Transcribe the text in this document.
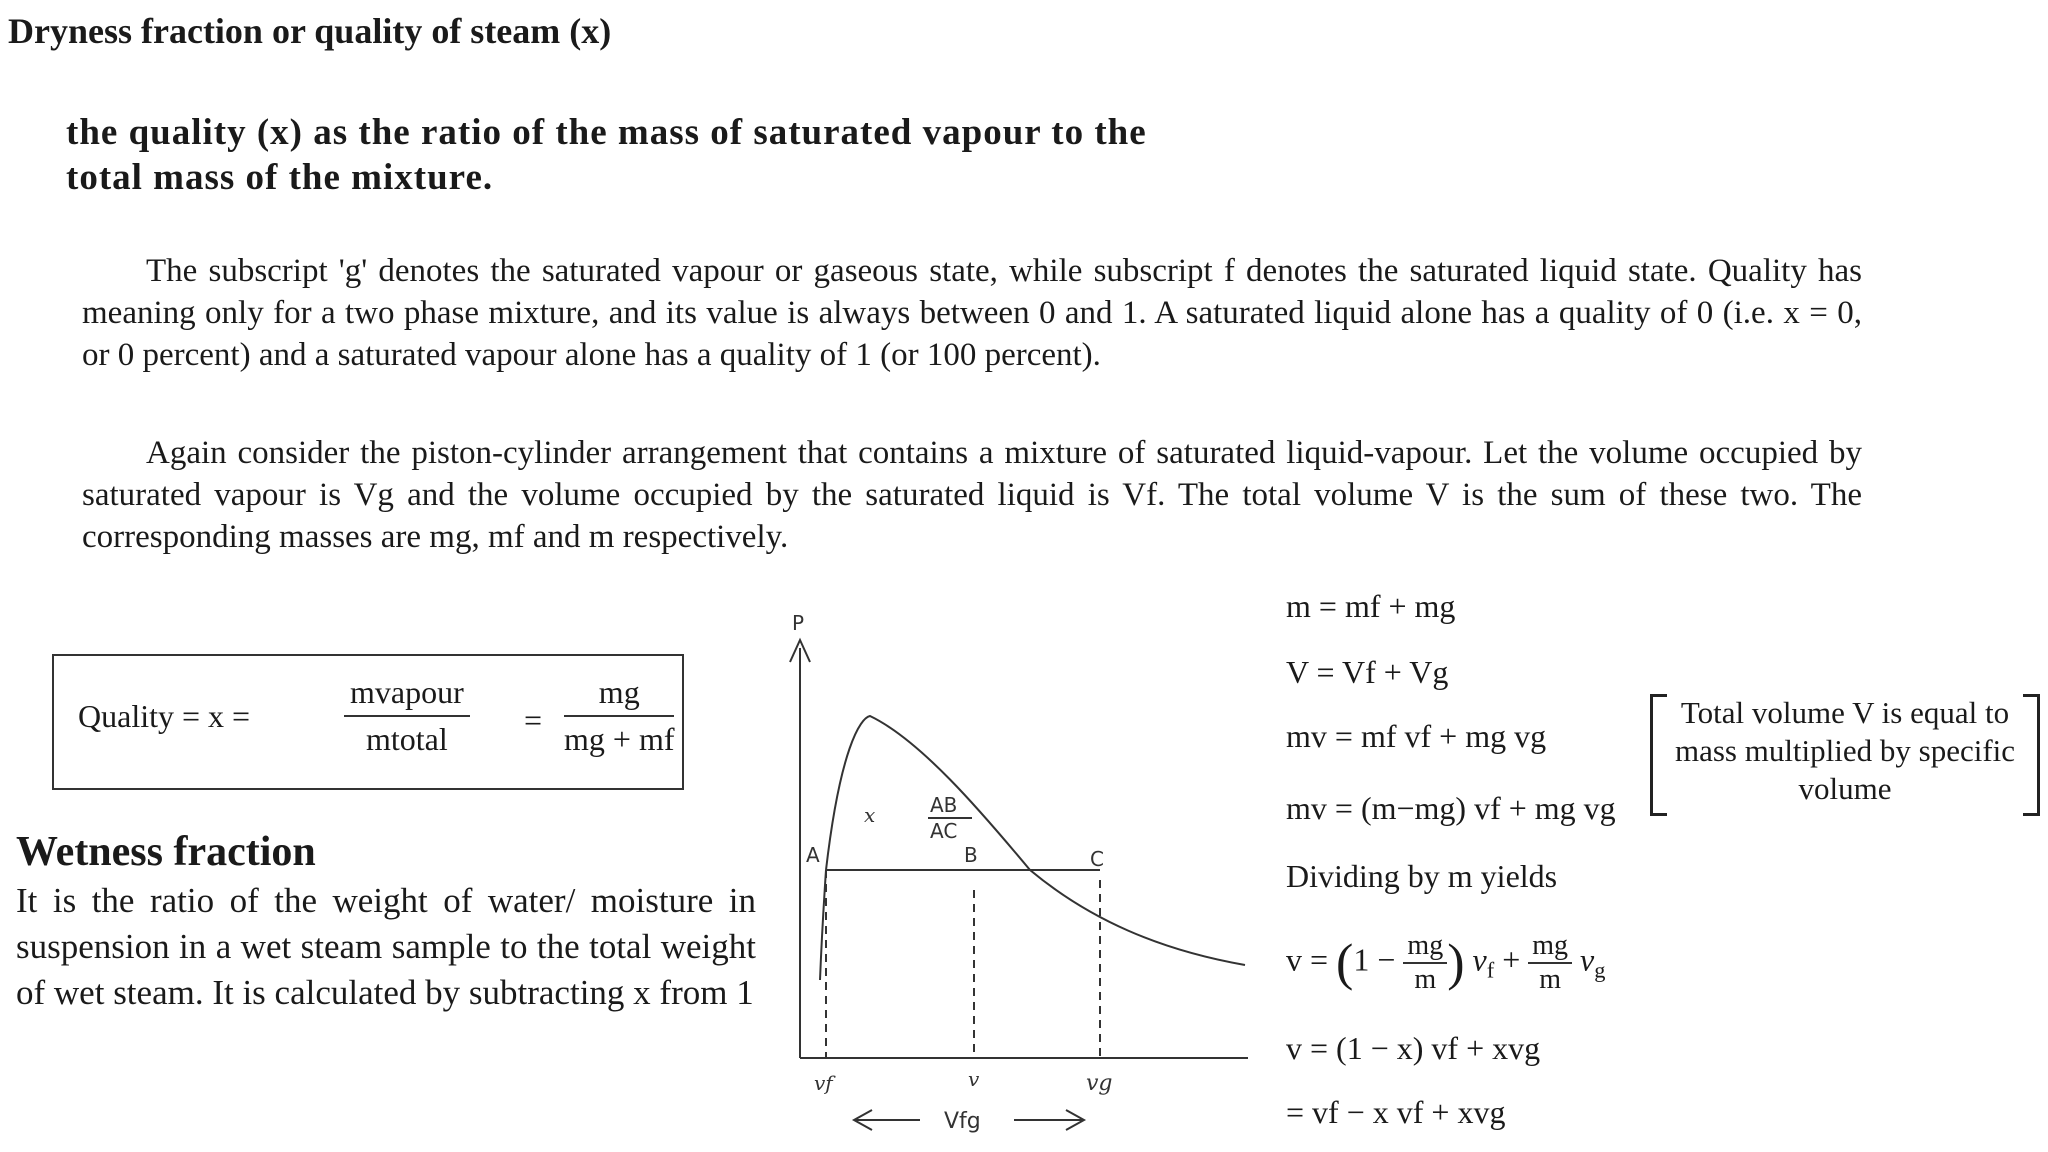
Dryness fraction or quality of steam (x)
the quality (x) as the ratio of the mass of saturated vapour to the total mass of the mixture.
The subscript 'g' denotes the saturated vapour or gaseous state, while subscript f denotes the saturated liquid state. Quality has meaning only for a two phase mixture, and its value is always between 0 and 1. A saturated liquid alone has a quality of 0 (i.e. x = 0, or 0 percent) and a saturated vapour alone has a quality of 1 (or 100 percent).
Again consider the piston-cylinder arrangement that contains a mixture of saturated liquid-vapour. Let the volume occupied by saturated vapour is Vg and the volume occupied by the saturated liquid is Vf. The total volume V is the sum of these two. The corresponding masses are mg, mf and m respectively.
Quality = x =
mvapour
mtotal
= $\frac{mg}{mg + mf}$
Wetness fraction
It is the ratio of the weight of water/ moisture in suspension in a wet steam sample to the total weight of wet steam. It is calculated by subtracting x from 1
P
A	B	C
x	AB
AC
vf	v	vg
Vfg
m = mf + mg
V = Vf + Vg
mv = mf vf + mg vg
mv = (m−mg) vf + mg vg
Dividing by m yields
$v = (1 - \frac{mg}{m}$ ) $v_f + \frac{mg}{m} v_g$
v = (1 − x) vf + xvg
= vf − x vf + xvg
Total volume V is equal to mass multiplied by specific volume
